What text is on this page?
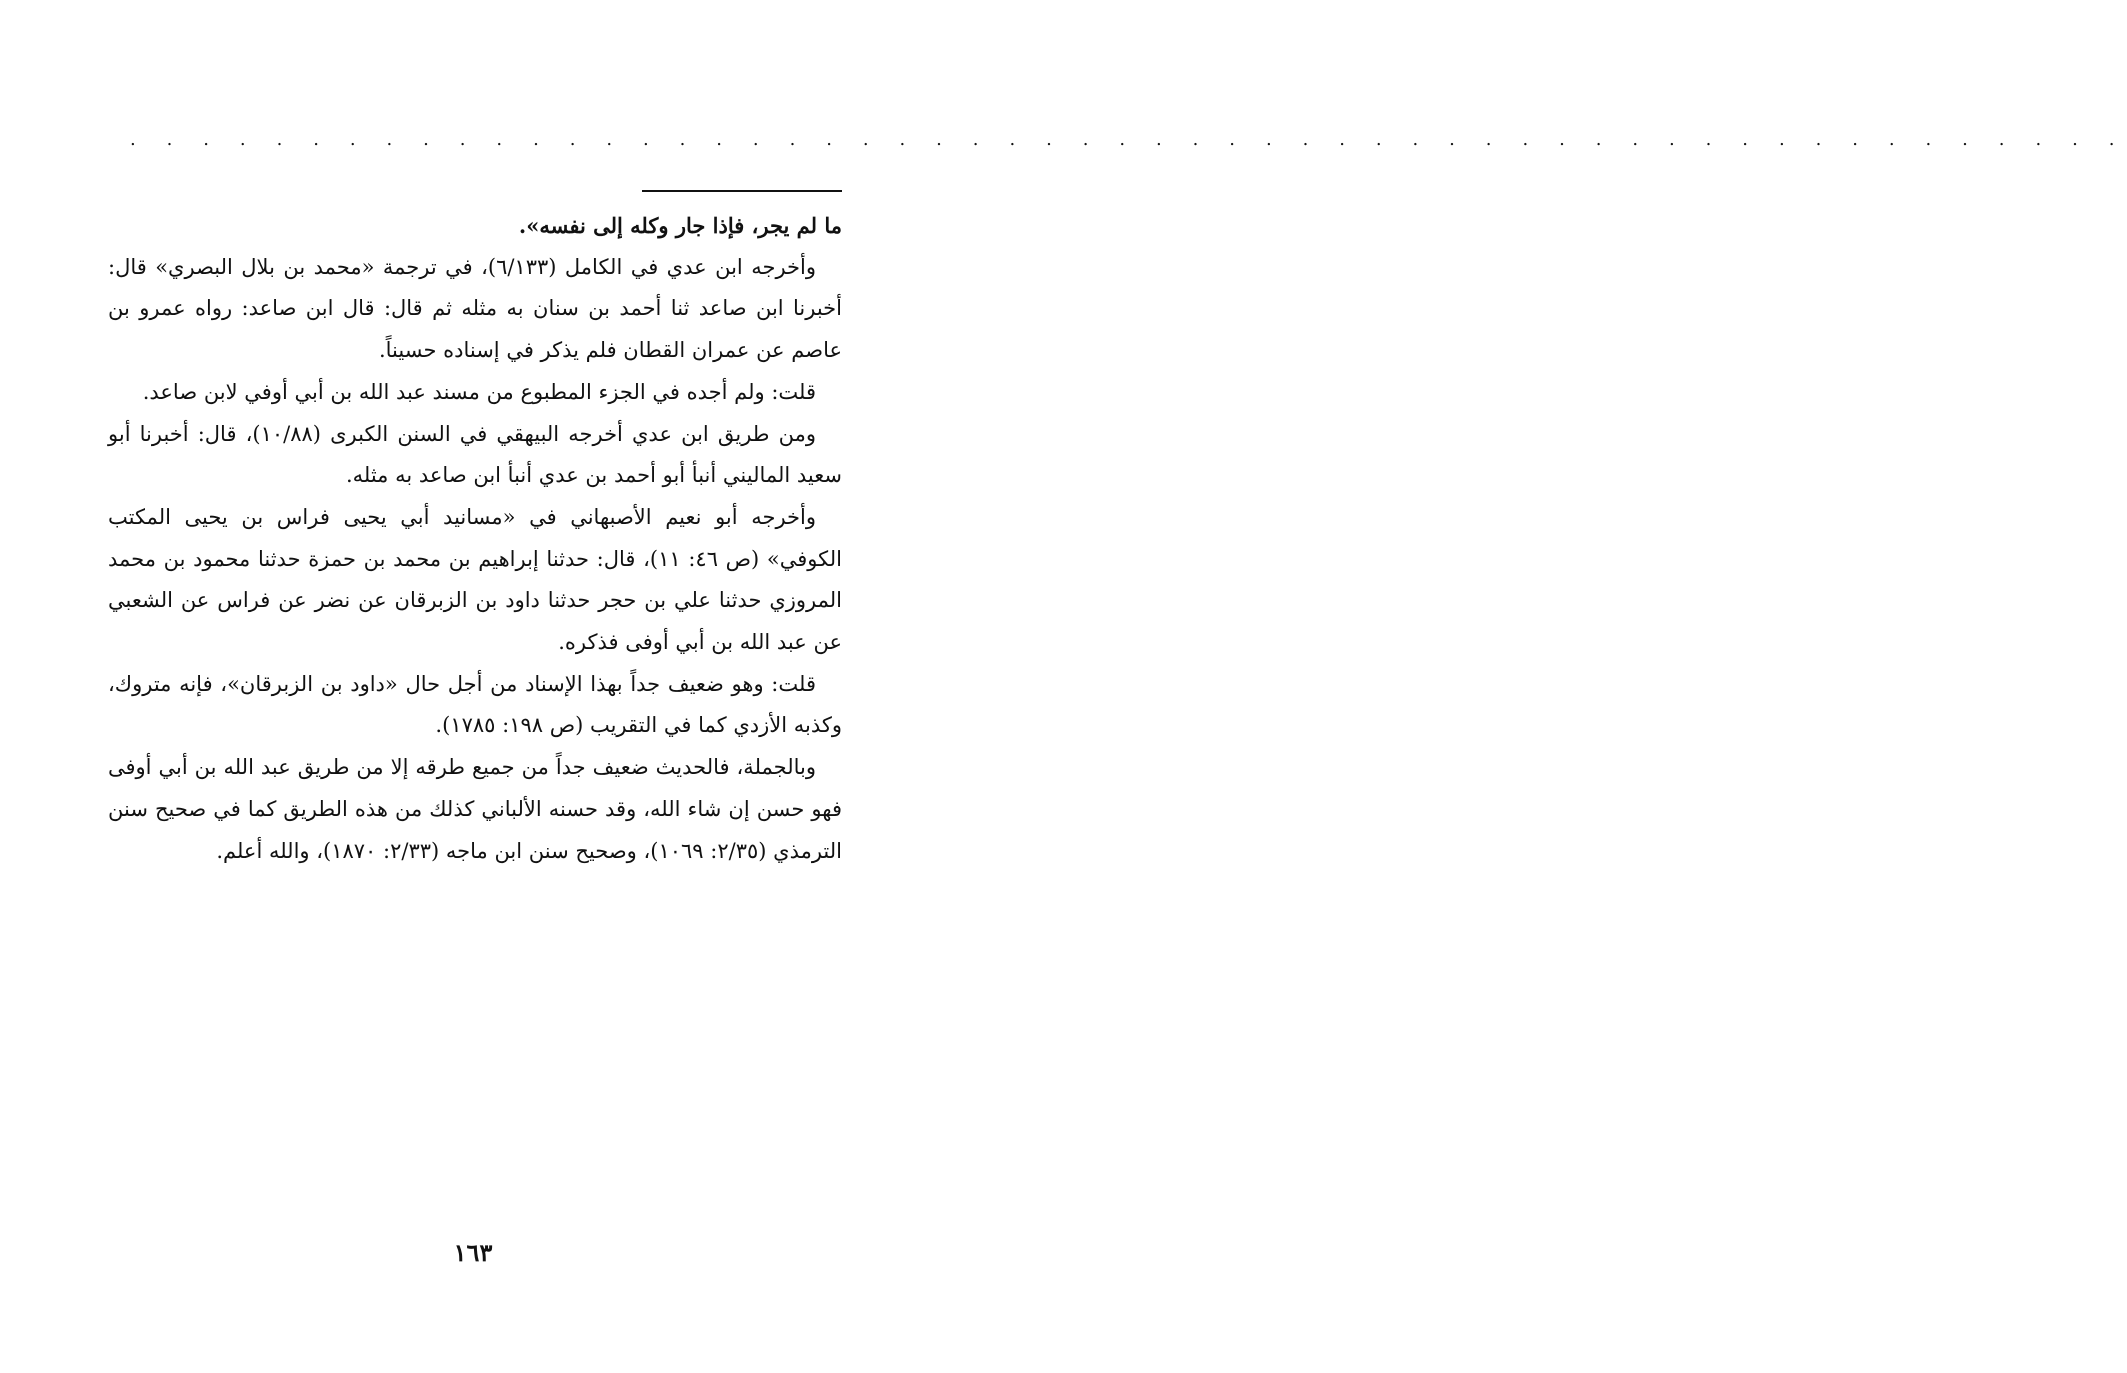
. . . . . . . . . . . . . . . . . . . . . . . . . . . . . . . . . . . . . . . . . . . . . . . . . . . . . . .

ما لم يجر، فإذا جار وكله إلى نفسه».

وأخرجه ابن عدي في الكامل (٦/١٣٣)، في ترجمة «محمد بن بلال البصري» قال: أخبرنا ابن صاعد ثنا أحمد بن سنان به مثله ثم قال: قال ابن صاعد: رواه عمرو بن عاصم عن عمران القطان فلم يذكر في إسناده حسيناً.

قلت: ولم أجده في الجزء المطبوع من مسند عبد الله بن أبي أوفي لابن صاعد.

ومن طريق ابن عدي أخرجه البيهقي في السنن الكبرى (١٠/٨٨)، قال: أخبرنا أبو سعيد الماليني أنبأ أبو أحمد بن عدي أنبأ ابن صاعد به مثله.

وأخرجه أبو نعيم الأصبهاني في «مسانيد أبي يحيى فراس بن يحيى المكتب الكوفي» (ص ٤٦: ١١)، قال: حدثنا إبراهيم بن محمد بن حمزة حدثنا محمود بن محمد المروزي حدثنا علي بن حجر حدثنا داود بن الزبرقان عن نضر عن فراس عن الشعبي عن عبد الله بن أبي أوفى فذكره.

قلت: وهو ضعيف جداً بهذا الإسناد من أجل حال «داود بن الزبرقان»، فإنه متروك، وكذبه الأزدي كما في التقريب (ص ١٩٨: ١٧٨٥).

وبالجملة، فالحديث ضعيف جداً من جميع طرقه إلا من طريق عبد الله بن أبي أوفى فهو حسن إن شاء الله، وقد حسنه الألباني كذلك من هذه الطريق كما في صحيح سنن الترمذي (٢/٣٥: ١٠٦٩)، وصحيح سنن ابن ماجه (٢/٣٣: ١٨٧٠)، والله أعلم.

١٦٣
